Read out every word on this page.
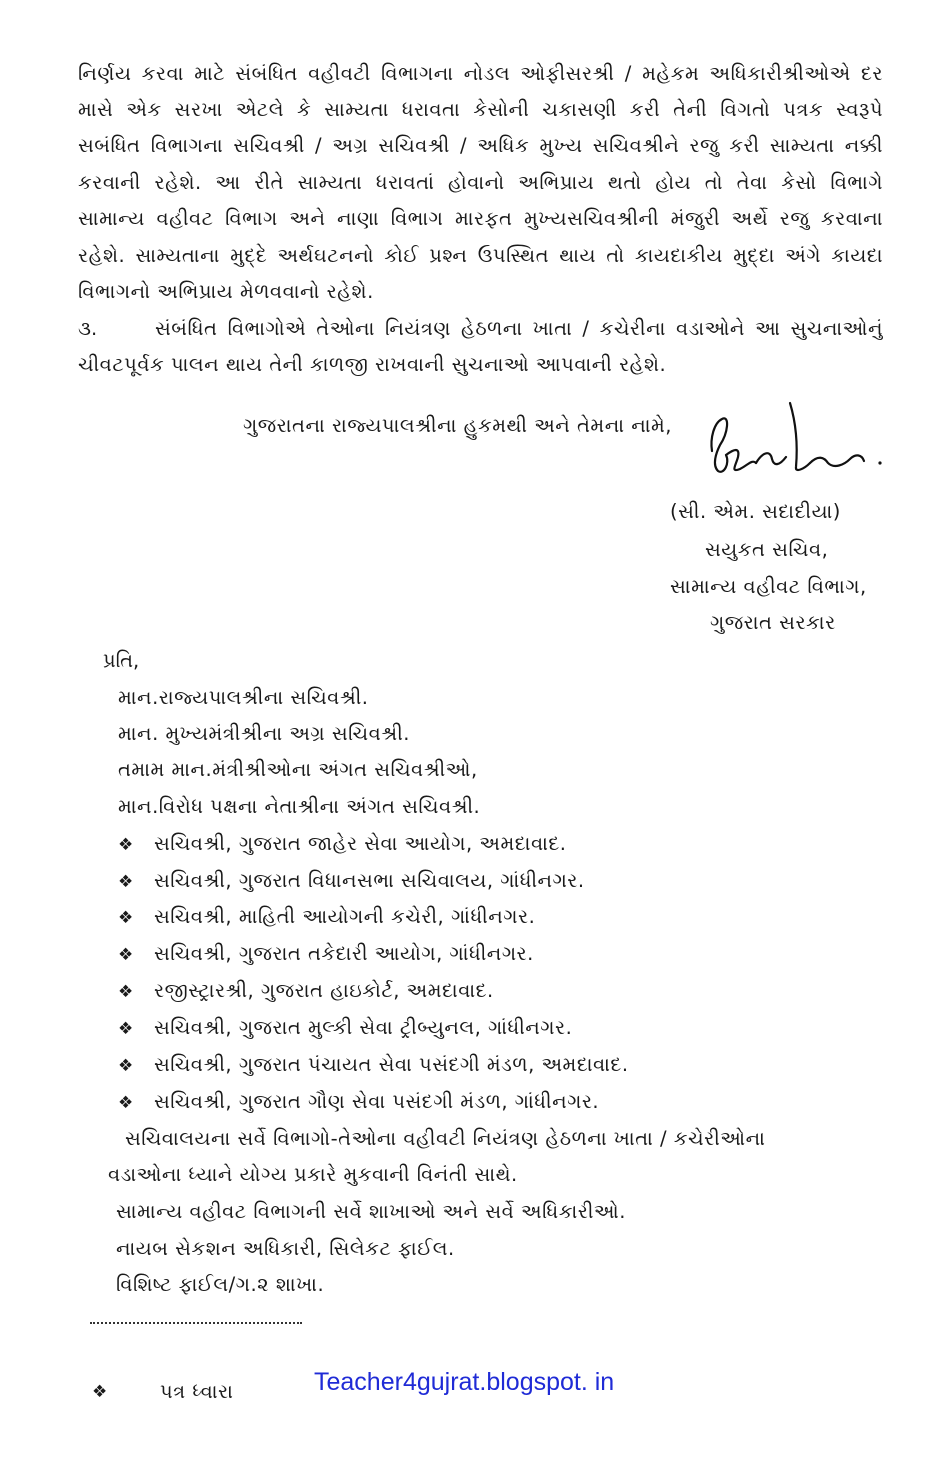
નિર્ણય કરવા માટે સંબંધિત વહીવટી વિભાગના નોડલ ઓફીસરશ્રી / મહેકમ અધિકારીશ્રીઓએ દર
માસે એક સરખા એટલે કે સામ્યતા ધરાવતા કેસોની ચકાસણી કરી તેની વિગતો પત્રક સ્વરૂપે
સબંધિત વિભાગના સચિવશ્રી / અગ્ર સચિવશ્રી / અધિક મુખ્ય સચિવશ્રીને રજુ કરી સામ્યતા નક્કી
કરવાની રહેશે. આ રીતે સામ્યતા ધરાવતાં હોવાનો અભિપ્રાય થતો હોય તો તેવા કેસો વિભાગે
સામાન્ય વહીવટ વિભાગ અને નાણા વિભાગ મારફત મુખ્યસચિવશ્રીની મંજુરી અર્થે રજુ કરવાના
રહેશે. સામ્યતાના મુદ્દે અર્થઘટનનો કોઈ પ્રશ્ન ઉપસ્થિત થાય તો કાયદાકીય મુદ્દા અંગે કાયદા
વિભાગનો અભિપ્રાય મેળવવાનો રહેશે.
૩.	સંબંધિત વિભાગોએ તેઓના નિયંત્રણ હેઠળના ખાતા / કચેરીના વડાઓને આ સુચનાઓનું
ચીવટપૂર્વક પાલન થાય તેની કાળજી રાખવાની સુચનાઓ આપવાની રહેશે.
ગુજરાતના રાજ્યપાલશ્રીના હુકમથી અને તેમના નામે,
(સી. એમ. સદાદીયા)
સયુકત સચિવ,
સામાન્ય વહીવટ વિભાગ,
ગુજરાત સરકાર
પ્રતિ,
માન.રાજ્યપાલશ્રીના સચિવશ્રી.
માન. મુખ્યમંત્રીશ્રીના અગ્ર સચિવશ્રી.
તમામ માન.મંત્રીશ્રીઓના અંગત સચિવશ્રીઓ,
માન.વિરોધ પક્ષના નેતાશ્રીના અંગત સચિવશ્રી.
❖ સચિવશ્રી, ગુજરાત જાહેર સેવા આયોગ, અમદાવાદ.
❖ સચિવશ્રી, ગુજરાત વિધાનસભા સચિવાલય, ગાંધીનગર.
❖ સચિવશ્રી, માહિતી આયોગની કચેરી, ગાંધીનગર.
❖ સચિવશ્રી, ગુજરાત તકેદારી આયોગ, ગાંધીનગર.
❖ રજીસ્ટ્રારશ્રી, ગુજરાત હાઇકોર્ટ, અમદાવાદ.
❖ સચિવશ્રી, ગુજરાત મુલ્કી સેવા ટ્રીબ્યુનલ, ગાંધીનગર.
❖ સચિવશ્રી, ગુજરાત પંચાયત સેવા પસંદગી મંડળ, અમદાવાદ.
❖ સચિવશ્રી, ગુજરાત ગૌણ સેવા પસંદગી મંડળ, ગાંધીનગર.
સચિવાલયના સર્વે વિભાગો-તેઓના વહીવટી નિયંત્રણ હેઠળના ખાતા / કચેરીઓના
વડાઓના ધ્યાને યોગ્ય પ્રકારે મુકવાની વિનંતી સાથે.
સામાન્ય વહીવટ વિભાગની સર્વે શાખાઓ અને સર્વે અધિકારીઓ.
નાયબ સેકશન અધિકારી, સિલેકટ ફાઈલ.
વિશિષ્ટ ફાઈલ/ગ.૨ શાખા.
❖	પત્ર ધ્વારા	Teacher4gujrat.blogspot. in
